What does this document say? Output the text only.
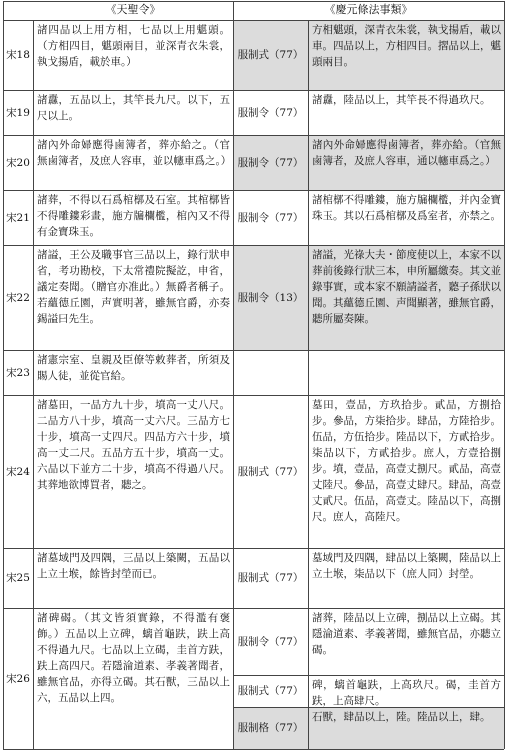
《天聖令》	《慶元條法事類》
宋18
諸四品以上用方相，七品以上用魌頭。（方相四目，魌頭兩目，並深青衣朱裳，執戈揚盾，載於車。）
服制式（77）
方相魌頭，深青衣朱裳，執戈揚盾，載以車。四品以上，方相四目。摺品以上，魌頭兩目。
宋19
諸纛，五品以上，其竿長九尺。以下，五尺以上。	服制令（77）
諸纛，陸品以上，其竿長不得過玖尺。
宋20
諸內外命婦應得鹵簿者，葬亦給之。（官無鹵簿者，及庶人容車，並以幰車爲之。） 服制令（77）
諸內外命婦應得鹵簿者，葬亦給。（官無鹵簿者，及庶人容車，通以幰車爲之。）
宋21
諸葬，不得以石爲棺槨及石室。其棺槨皆不得雕鏤彩畫，施方牖欄檻，棺內又不得有金寶珠玉。
服制令（77）
諸棺槨不得雕鏤，施方牖欄檻，并內金寶珠玉。其以石爲棺槨及爲室者，亦禁之。
宋22
諸謚，王公及職事官三品以上，錄行狀申省，考功勘校，下太常禮院擬訖，申省，議定奏聞。（贈官亦准此。）無爵者稱子。若蘊德丘園，声實明著，雖無官爵，亦奏錫謚曰先生。
服制令（13）
諸謚，光祿大夫・節度使以上，本家不以葬前後錄行狀三本，申所屬繳奏。其文並錄事實，或本家不願請謚者，聽子孫狀以聞。其蘊德丘園、声聞顯著，雖無官爵，聽所屬奏陳。
宋23
諸憲宗室、皇親及臣僚等敕葬者，所須及賜人徒，並從官給。
宋24
諸墓田，一品方九十步，墳高一丈八尺。二品方八十步，墳高一丈六尺。三品方七十步，墳高一丈四尺。四品方六十步，墳高一丈二尺。五品方五十步，墳高一丈。六品以下並方二十步，墳高不得過八尺。其葬地欲博買者，聽之。
服制式（77）
墓田，壹品，方玖拾步。貳品，方捌拾步。參品，方柒拾步。肆品，方陸拾步。伍品，方伍拾步。陸品以下，方貳拾步。柒品以下，方貳拾步。庶人，方壹拾捌步。墳，壹品，高壹丈捌尺。貳品，高壹丈陸尺。參品，高壹丈肆尺。肆品，高壹丈貳尺。伍品，高壹丈。陸品以下，高捌尺。庶人，高陸尺。
宋25
諸墓域門及四隅，三品以上築闕，五品以上立土堠，餘皆封塋而已。	服制式（77）
墓域門及四隅，肆品以上築闕，陸品以上立土堠，柒品以下（庶人同）封塋。
宋26
諸碑碣。（其文皆須實錄，不得濫有褒飾。）五品以上立碑，螭首龜趺，趺上高不得過九尺。七品以上立碣，圭首方趺，趺上高四尺。若隱淪道素、孝義著聞者，雖無官品，亦得立碣。其石獸，三品以上六，五品以上四。
服制令（77）
諸葬，陸品以上立碑，捌品以上立碣。其隱淪道素、孝義著聞，雖無官品，亦聽立碣。
服制式（77） 碑，螭首龜趺，上高玖尺。碣，圭首方趺，上高肆尺。
服制格（77）
石獸，肆品以上，陸。陸品以上，肆。
